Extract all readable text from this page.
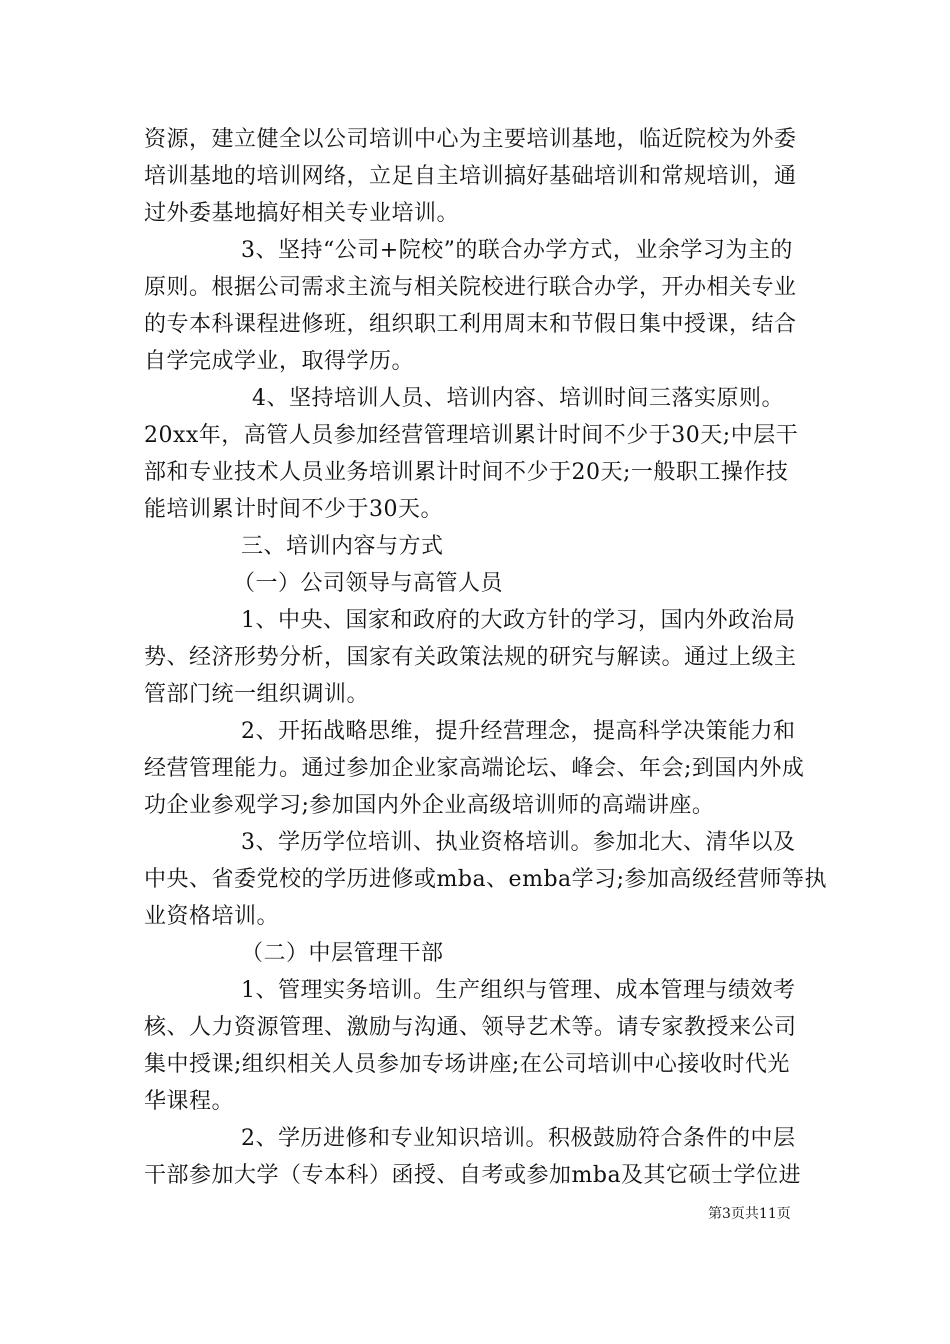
资源，建立健全以公司培训中心为主要培训基地，临近院校为外委
培训基地的培训网络，立足自主培训搞好基础培训和常规培训，通
过外委基地搞好相关专业培训。
3、坚持“公司+院校”的联合办学方式，业余学习为主的
原则。根据公司需求主流与相关院校进行联合办学，开办相关专业
的专本科课程进修班，组织职工利用周末和节假日集中授课，结合
自学完成学业，取得学历。
4、坚持培训人员、培训内容、培训时间三落实原则。
20xx年，高管人员参加经营管理培训累计时间不少于30天;中层干
部和专业技术人员业务培训累计时间不少于20天;一般职工操作技
能培训累计时间不少于30天。
三、培训内容与方式
（一）公司领导与高管人员
1、中央、国家和政府的大政方针的学习，国内外政治局
势、经济形势分析，国家有关政策法规的研究与解读。通过上级主
管部门统一组织调训。
2、开拓战略思维，提升经营理念，提高科学决策能力和
经营管理能力。通过参加企业家高端论坛、峰会、年会;到国内外成
功企业参观学习;参加国内外企业高级培训师的高端讲座。
3、学历学位培训、执业资格培训。参加北大、清华以及
中央、省委党校的学历进修或mba、emba学习;参加高级经营师等执
业资格培训。
（二）中层管理干部
1、管理实务培训。生产组织与管理、成本管理与绩效考
核、人力资源管理、激励与沟通、领导艺术等。请专家教授来公司
集中授课;组织相关人员参加专场讲座;在公司培训中心接收时代光
华课程。
2、学历进修和专业知识培训。积极鼓励符合条件的中层
干部参加大学（专本科）函授、自考或参加mba及其它硕士学位进
第3页共11页
